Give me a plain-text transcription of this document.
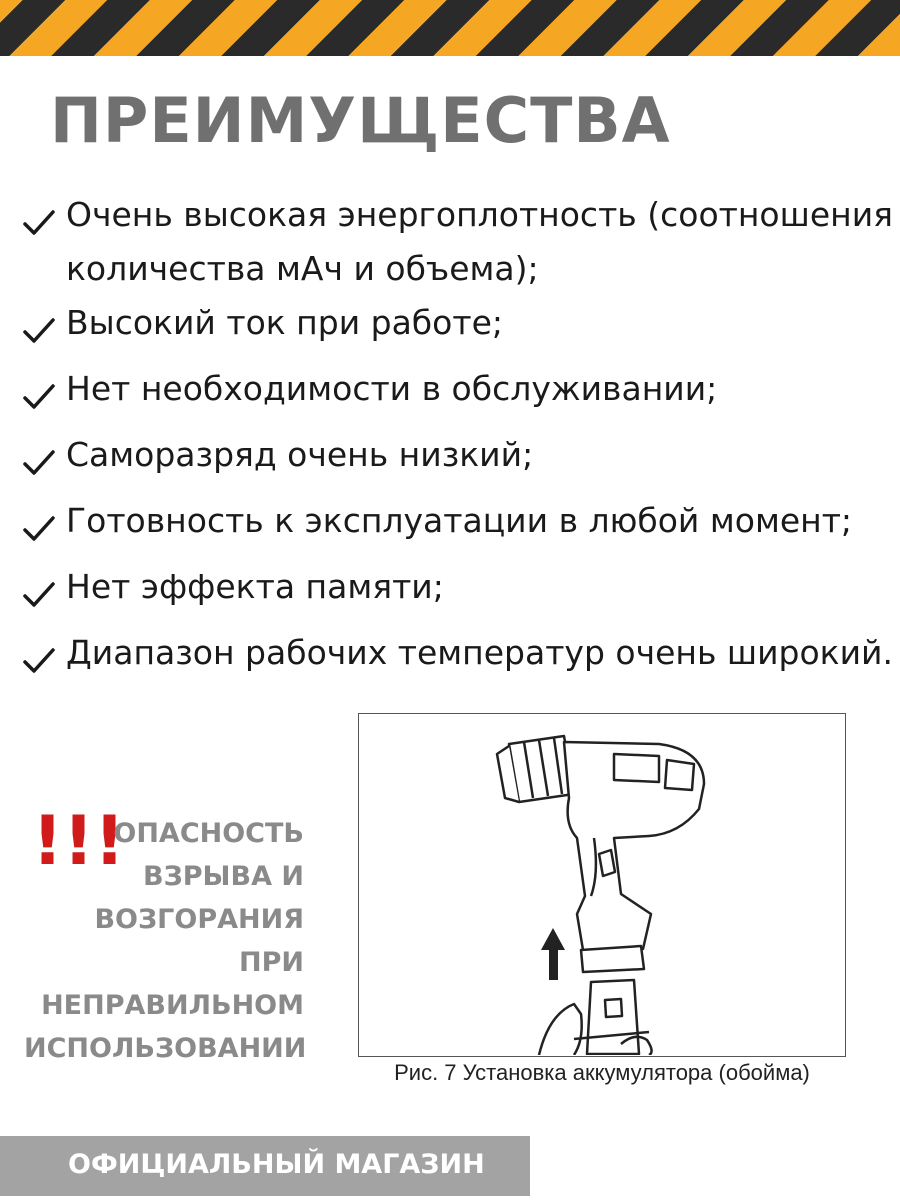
ПРЕИМУЩЕСТВА
Очень высокая энергоплотность (соотношения количества мАч и объема);
Высокий ток при работе;
Нет необходимости в обслуживании;
Саморазряд очень низкий;
Готовность к эксплуатации в любой момент;
Нет эффекта памяти;
Диапазон рабочих температур очень широкий.
!!!
ОПАСНОСТЬ
ВЗРЫВА И
ВОЗГОРАНИЯ ПРИ
НЕПРАВИЛЬНОМ
ИСПОЛЬЗОВАНИИ
Рис. 7 Установка аккумулятора (обойма)
ОФИЦИАЛЬНЫЙ МАГАЗИН
